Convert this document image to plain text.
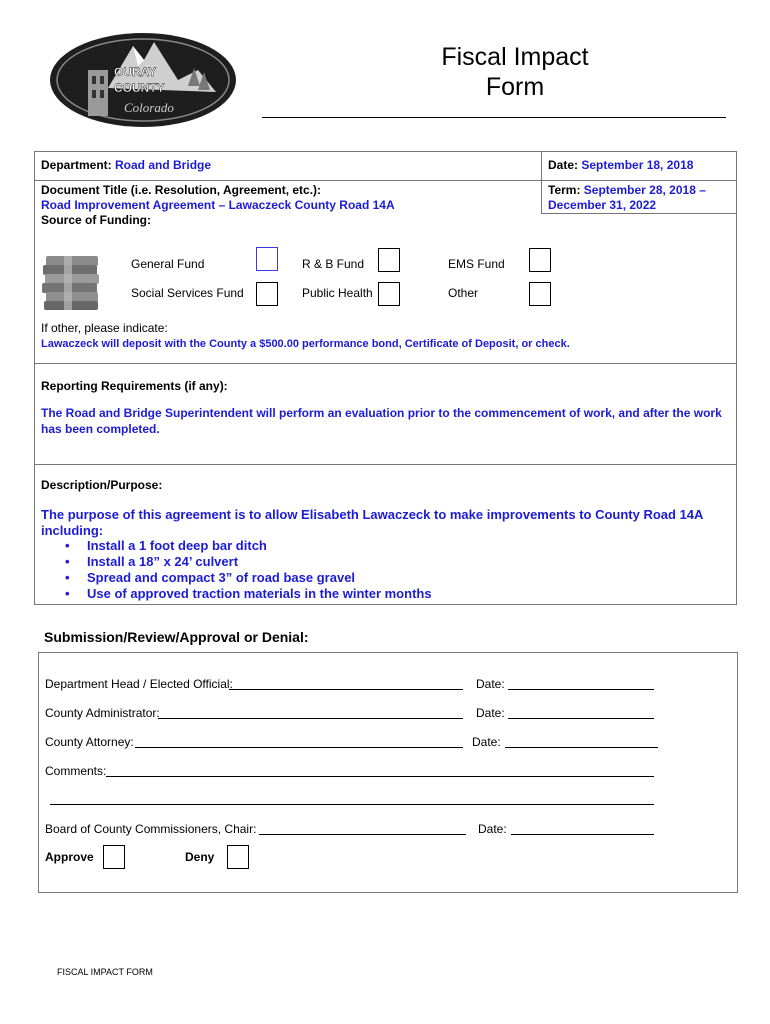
OURAY
COUNTY
Colorado
Fiscal Impact
Form
Department: Road and Bridge	Date: September 18, 2018
Document Title (i.e. Resolution, Agreement, etc.):
Road Improvement Agreement – Lawaczeck County Road 14A
Source of Funding:
Term: September 28, 2018 –
December 31, 2022
General Fund	R & B Fund	EMS Fund
Social Services Fund	Public Health	Other
If other, please indicate:
Lawaczeck will deposit with the County a $500.00 performance bond, Certificate of Deposit, or check.
Reporting Requirements (if any):
The Road and Bridge Superintendent will perform an evaluation prior to the commencement of work, and after the work has been completed.
Description/Purpose:
The purpose of this agreement is to allow Elisabeth Lawaczeck to make improvements to County Road 14A including:
• Install a 1 foot deep bar ditch
• Install a 18” x 24’ culvert
• Spread and compact 3” of road base gravel
• Use of approved traction materials in the winter months
Submission/Review/Approval or Denial:
Department Head / Elected Official:	Date:
County Administrator:	Date:
County Attorney:	Date:
Comments:
Board of County Commissioners, Chair:	Date:
Approve	Deny
FISCAL IMPACT FORM
